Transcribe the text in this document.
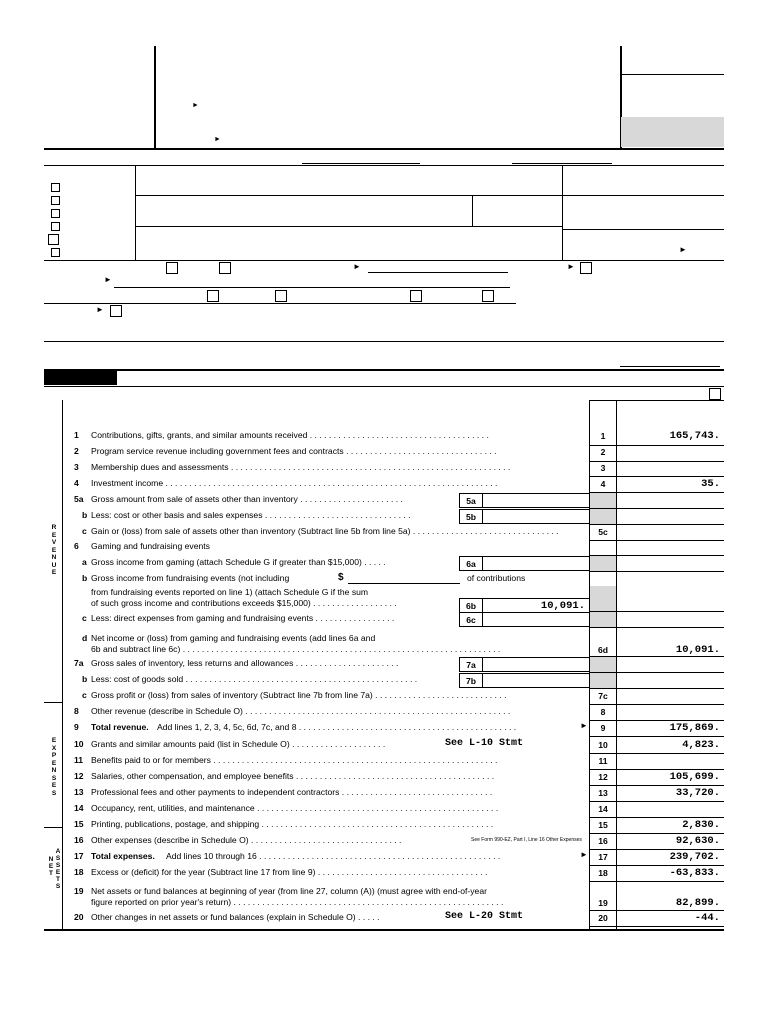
►
►
►
►	►
►
►
R
E
V
E
N
U
E
E
X
P
E
N
S
E
S
N
E
T
A
S
S
E
T
S
1 Contributions, gifts, grants, and similar amounts received . . . . . . . . . . . . . . . . . . . . . . . . . . . . . . . . . . . . . .	1	165,743.
2 Program service revenue including government fees and contracts . . . . . . . . . . . . . . . . . . . . . . . . . . . . . . . .	2
3 Membership dues and assessments . . . . . . . . . . . . . . . . . . . . . . . . . . . . . . . . . . . . . . . . . . . . . . . . . . . . . . . . . . .	3
4 Investment income . . . . . . . . . . . . . . . . . . . . . . . . . . . . . . . . . . . . . . . . . . . . . . . . . . . . . . . . . . . . . . . . . . . . . .	4	35.
5a Gross amount from sale of assets other than inventory . . . . . . . . . . . . . . . . . . . . . .	5a
b Less: cost or other basis and sales expenses . . . . . . . . . . . . . . . . . . . . . . . . . . . . . . .	5b
c Gain or (loss) from sale of assets other than inventory (Subtract line 5b from line 5a) . . . . . . . . . . . . . . . . . . . . . . . . . . . . . . .	5c
6 Gaming and fundraising events
a Gross income from gaming (attach Schedule G if greater than $15,000) . . . . .	6a
b Gross income from fundraising events (not including	$	of contributions
from fundraising events reported on line 1) (attach Schedule G if the sum
of such gross income and contributions exceeds $15,000) . . . . . . . . . . . . . . . . . .	6b	10,091.
c Less: direct expenses from gaming and fundraising events . . . . . . . . . . . . . . . . .	6c
d Net income or (loss) from gaming and fundraising events (add lines 6a and
6b and subtract line 6c) . . . . . . . . . . . . . . . . . . . . . . . . . . . . . . . . . . . . . . . . . . . . . . . . . . . . . . . . . . . . . . . . . . .	6d	10,091.
7a Gross sales of inventory, less returns and allowances . . . . . . . . . . . . . . . . . . . . . .	7a
b Less: cost of goods sold . . . . . . . . . . . . . . . . . . . . . . . . . . . . . . . . . . . . . . . . . . . . . . . . .	7b
c Gross profit or (loss) from sales of inventory (Subtract line 7b from line 7a) . . . . . . . . . . . . . . . . . . . . . . . . . . . .	7c
8 Other revenue (describe in Schedule O) . . . . . . . . . . . . . . . . . . . . . . . . . . . . . . . . . . . . . . . . . . . . . . . . . . . . . . . .	8
9 Total revenue. Add lines 1, 2, 3, 4, 5c, 6d, 7c, and 8 . . . . . . . . . . . . . . . . . . . . . . . . . . . . . . . . . . . . . . . . . . . . . .	►	9	175,869.
10 Grants and similar amounts paid (list in Schedule O) . . . . . . . . . . . . . . . . . . . .	See L-10 Stmt	10	4,823.
11 Benefits paid to or for members . . . . . . . . . . . . . . . . . . . . . . . . . . . . . . . . . . . . . . . . . . . . . . . . . . . . . . . . . . . .	11
12 Salaries, other compensation, and employee benefits . . . . . . . . . . . . . . . . . . . . . . . . . . . . . . . . . . . . . . . . . .	12	105,699.
13 Professional fees and other payments to independent contractors . . . . . . . . . . . . . . . . . . . . . . . . . . . . . . . .	13	33,720.
14 Occupancy, rent, utilities, and maintenance . . . . . . . . . . . . . . . . . . . . . . . . . . . . . . . . . . . . . . . . . . . . . . . . . . .	14
15 Printing, publications, postage, and shipping . . . . . . . . . . . . . . . . . . . . . . . . . . . . . . . . . . . . . . . . . . . . . . . . .	15	2,830.
16 Other expenses (describe in Schedule O) . . . . . . . . . . . . . . . . . . . . . . . . . . . . . . . .	See Form 990-EZ, Part I, Line 16 Other Expenses	16	92,630.
17 Total expenses. Add lines 10 through 16 . . . . . . . . . . . . . . . . . . . . . . . . . . . . . . . . . . . . . . . . . . . . . . . . . . .	►	17	239,702.
18 Excess or (deficit) for the year (Subtract line 17 from line 9) . . . . . . . . . . . . . . . . . . . . . . . . . . . . . . . . . . . .	18	-63,833.
19 Net assets or fund balances at beginning of year (from line 27, column (A)) (must agree with end-of-year
figure reported on prior year's return) . . . . . . . . . . . . . . . . . . . . . . . . . . . . . . . . . . . . . . . . . . . . . . . . . . . . . . . . .	19	82,899.
20 Other changes in net assets or fund balances (explain in Schedule O) . . . . .	See L-20 Stmt	20	-44.
